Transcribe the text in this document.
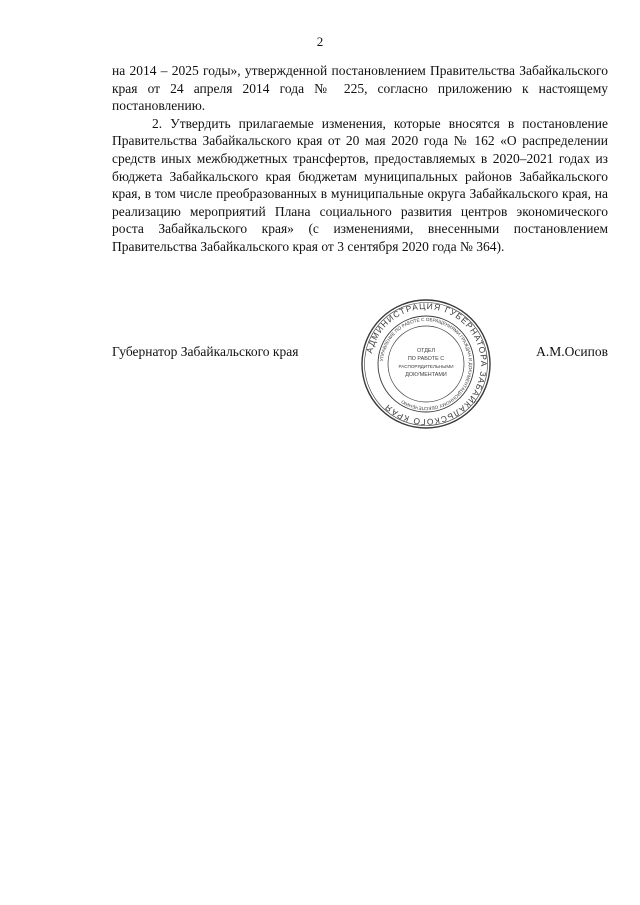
2

на 2014 – 2025 годы», утвержденной постановлением Правительства Забайкальского края от 24 апреля 2014 года № 225, согласно приложению к настоящему постановлению.

2. Утвердить прилагаемые изменения, которые вносятся в постановление Правительства Забайкальского края от 20 мая 2020 года № 162 «О распределении средств иных межбюджетных трансфертов, предоставляемых в 2020–2021 годах из бюджета Забайкальского края бюджетам муниципальных районов Забайкальского края, в том числе преобразованных в муниципальные округа Забайкальского края, на реализацию мероприятий Плана социального развития центров экономического роста Забайкальского края» (с изменениями, внесенными постановлением Правительства Забайкальского края от 3 сентября 2020 года № 364).

Губернатор Забайкальского края	А.М.Осипов
АДМИНИСТРАЦИЯ ГУБЕРНАТОРА ЗАБАЙКАЛЬСКОГО КРАЯ
УПРАВЛЕНИЕ ПО РАБОТЕ С ОБРАЩЕНИЯМИ ГРАЖДАН И ДОКУМЕНТАЦИОННОМУ ОБЕСПЕЧЕНИЮ
ОТДЕЛ
ПО РАБОТЕ С
РАСПОРЯДИТЕЛЬНЫМИ
ДОКУМЕНТАМИ
